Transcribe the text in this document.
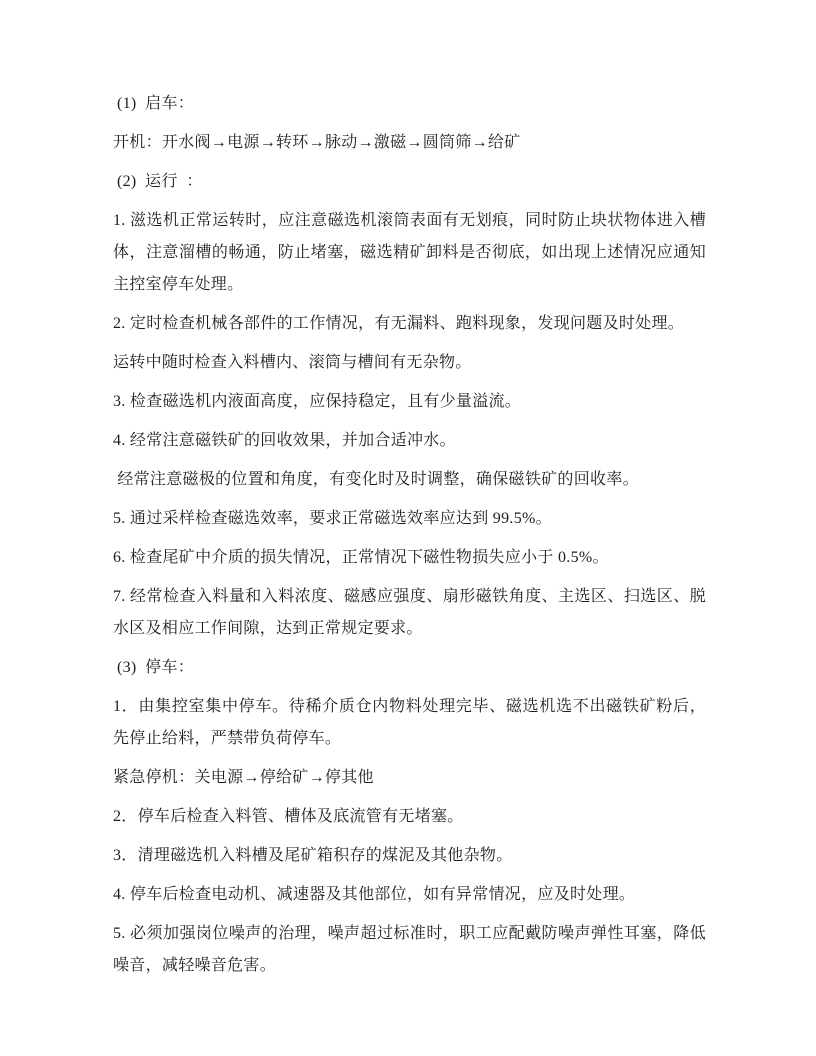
(1)  启车：

开机：开水阀→电源→转环→脉动→激磁→圆筒筛→给矿

(2)  运行  ：

1. 滋选机正常运转时，应注意磁选机滚筒表面有无划痕，同时防止块状物体进入槽体，注意溜槽的畅通，防止堵塞，磁选精矿卸料是否彻底，如出现上述情况应通知主控室停车处理。

2. 定时检查机械各部件的工作情况，有无漏料、跑料现象，发现问题及时处理。

运转中随时检查入料槽内、滚筒与槽间有无杂物。

3. 检查磁选机内液面高度，应保持稳定，且有少量溢流。

4. 经常注意磁铁矿的回收效果，并加合适冲水。

经常注意磁极的位置和角度，有变化时及时调整，确保磁铁矿的回收率。

5. 通过采样检查磁选效率，要求正常磁选效率应达到 99.5%。

6. 检查尾矿中介质的损失情况，正常情况下磁性物损失应小于 0.5%。

7. 经常检查入料量和入料浓度、磁感应强度、扇形磁铁角度、主选区、扫选区、脱水区及相应工作间隙，达到正常规定要求。

(3)  停车：

1．由集控室集中停车。待稀介质仓内物料处理完毕、磁选机选不出磁铁矿粉后，先停止给料，严禁带负荷停车。

紧急停机：关电源→停给矿→停其他

2．停车后检查入料管、槽体及底流管有无堵塞。

3．清理磁选机入料槽及尾矿箱积存的煤泥及其他杂物。

4. 停车后检查电动机、减速器及其他部位，如有异常情况，应及时处理。

5. 必须加强岗位噪声的治理，噪声超过标准时，职工应配戴防噪声弹性耳塞，降低噪音，减轻噪音危害。
